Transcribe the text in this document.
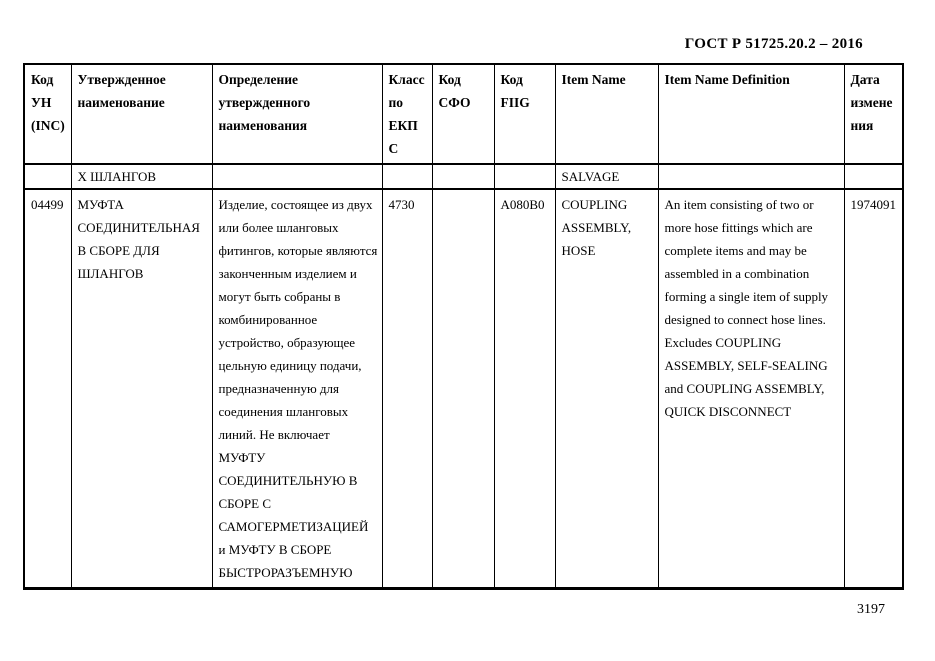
ГОСТ Р 51725.20.2 – 2016
Код УН (INC)	Утвержденное наименование	Определение утвержденного наименования	Класс по ЕКПС	Код СФО	Код FIIG	Item Name	Item Name Definition	Дата изменения
	Х ШЛАНГОВ					SALVAGE		
04499	МУФТА СОЕДИНИТЕЛЬНАЯ В СБОРЕ ДЛЯ ШЛАНГОВ	Изделие, состоящее из двух или более шланговых фитингов, которые являются законченным изделием и могут быть собраны в комбинированное устройство, образующее цельную единицу подачи, предназначенную для соединения шланговых линий. Не включает МУФТУ СОЕДИНИТЕЛЬНУЮ В СБОРЕ С САМОГЕРМЕТИЗАЦИЕЙ и МУФТУ В СБОРЕ БЫСТРОРАЗЪЕМНУЮ	4730		A080B0	COUPLING ASSEMBLY, HOSE	An item consisting of two or more hose fittings which are complete items and may be assembled in a combination forming a single item of supply designed to connect hose lines. Excludes COUPLING ASSEMBLY, SELF-SEALING and COUPLING ASSEMBLY, QUICK DISCONNECT	1974091
3197
